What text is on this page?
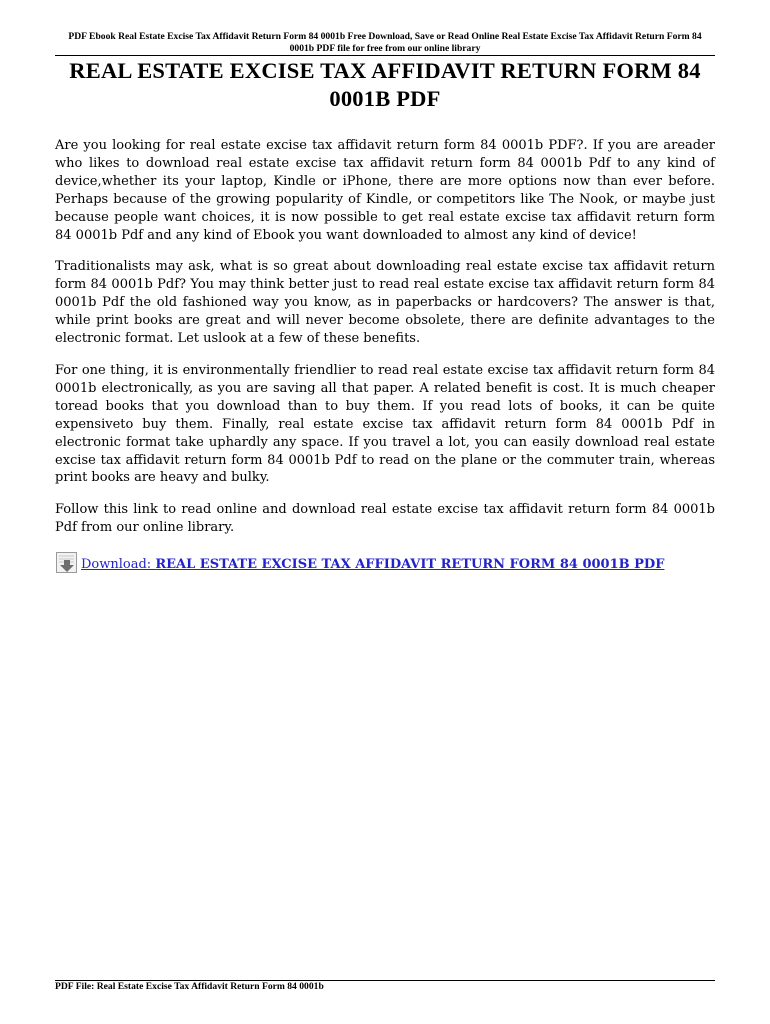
PDF Ebook Real Estate Excise Tax Affidavit Return Form 84 0001b Free Download, Save or Read Online Real Estate Excise Tax Affidavit Return Form 84 0001b PDF file for free from our online library
REAL ESTATE EXCISE TAX AFFIDAVIT RETURN FORM 84 0001B PDF

Are you looking for real estate excise tax affidavit return form 84 0001b PDF?. If you are areader who likes to download real estate excise tax affidavit return form 84 0001b Pdf to any kind of device,whether its your laptop, Kindle or iPhone, there are more options now than ever before. Perhaps because of the growing popularity of Kindle, or competitors like The Nook, or maybe just because people want choices, it is now possible to get real estate excise tax affidavit return form 84 0001b Pdf and any kind of Ebook you want downloaded to almost any kind of device!

Traditionalists may ask, what is so great about downloading real estate excise tax affidavit return form 84 0001b Pdf? You may think better just to read real estate excise tax affidavit return form 84 0001b Pdf the old fashioned way you know, as in paperbacks or hardcovers? The answer is that, while print books are great and will never become obsolete, there are definite advantages to the electronic format. Let uslook at a few of these benefits.

For one thing, it is environmentally friendlier to read real estate excise tax affidavit return form 84 0001b electronically, as you are saving all that paper. A related benefit is cost. It is much cheaper toread books that you download than to buy them. If you read lots of books, it can be quite expensiveto buy them. Finally, real estate excise tax affidavit return form 84 0001b Pdf in electronic format take uphardly any space. If you travel a lot, you can easily download real estate excise tax affidavit return form 84 0001b Pdf to read on the plane or the commuter train, whereas print books are heavy and bulky.

Follow this link to read online and download real estate excise tax affidavit return form 84 0001b Pdf from our online library.

Download: REAL ESTATE EXCISE TAX AFFIDAVIT RETURN FORM 84 0001B PDF
PDF File: Real Estate Excise Tax Affidavit Return Form 84 0001b
